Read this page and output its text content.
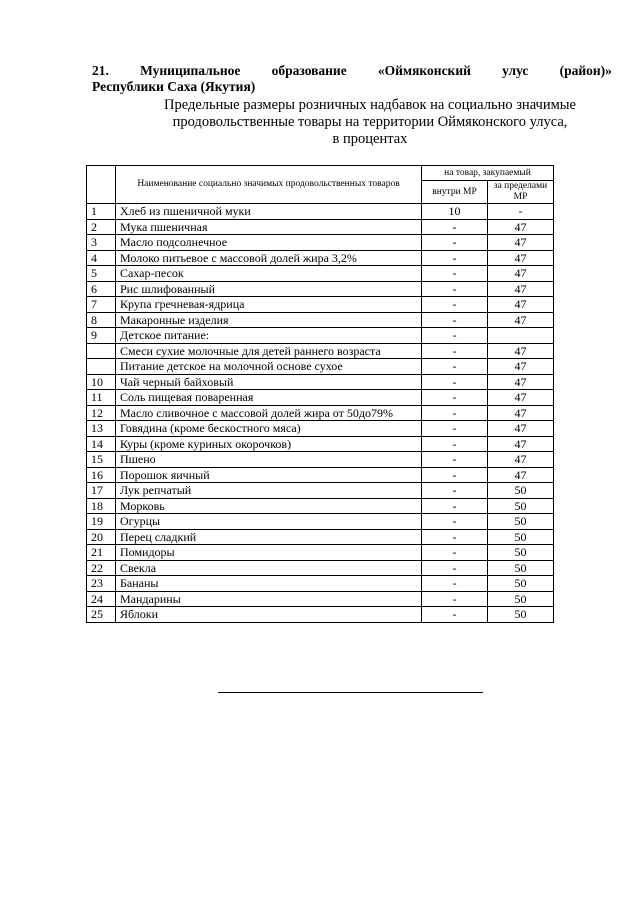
21. Муниципальное образование «Оймяконский улус (район)»
Республики Саха (Якутия)
Предельные размеры розничных надбавок на социально значимые
продовольственные товары на территории Оймяконского улуса,
в процентах
	Наименование социально значимых продовольственных товаров	на товар, закупаемый	
		внутри МР	за пределами МР
1	Хлеб из пшеничной муки	10	-
2	Мука пшеничная	-	47
3	Масло подсолнечное	-	47
4	Молоко питьевое с массовой долей жира 3,2%	-	47
5	Сахар-песок	-	47
6	Рис шлифованный	-	47
7	Крупа гречневая-ядрица	-	47
8	Макаронные изделия	-	47
9	Детское питание:	-	
	Смеси сухие молочные для детей раннего возраста	-	47
	Питание детское на молочной основе сухое	-	47
10	Чай черный байховый	-	47
11	Соль пищевая поваренная	-	47
12	Масло сливочное с массовой долей жира от 50до79%	-	47
13	Говядина (кроме бескостного мяса)	-	47
14	Куры (кроме куриных окорочков)	-	47
15	Пшено	-	47
16	Порошок яичный	-	47
17	Лук репчатый	-	50
18	Морковь	-	50
19	Огурцы	-	50
20	Перец сладкий	-	50
21	Помидоры	-	50
22	Свекла	-	50
23	Бананы	-	50
24	Мандарины	-	50
25	Яблоки	-	50
